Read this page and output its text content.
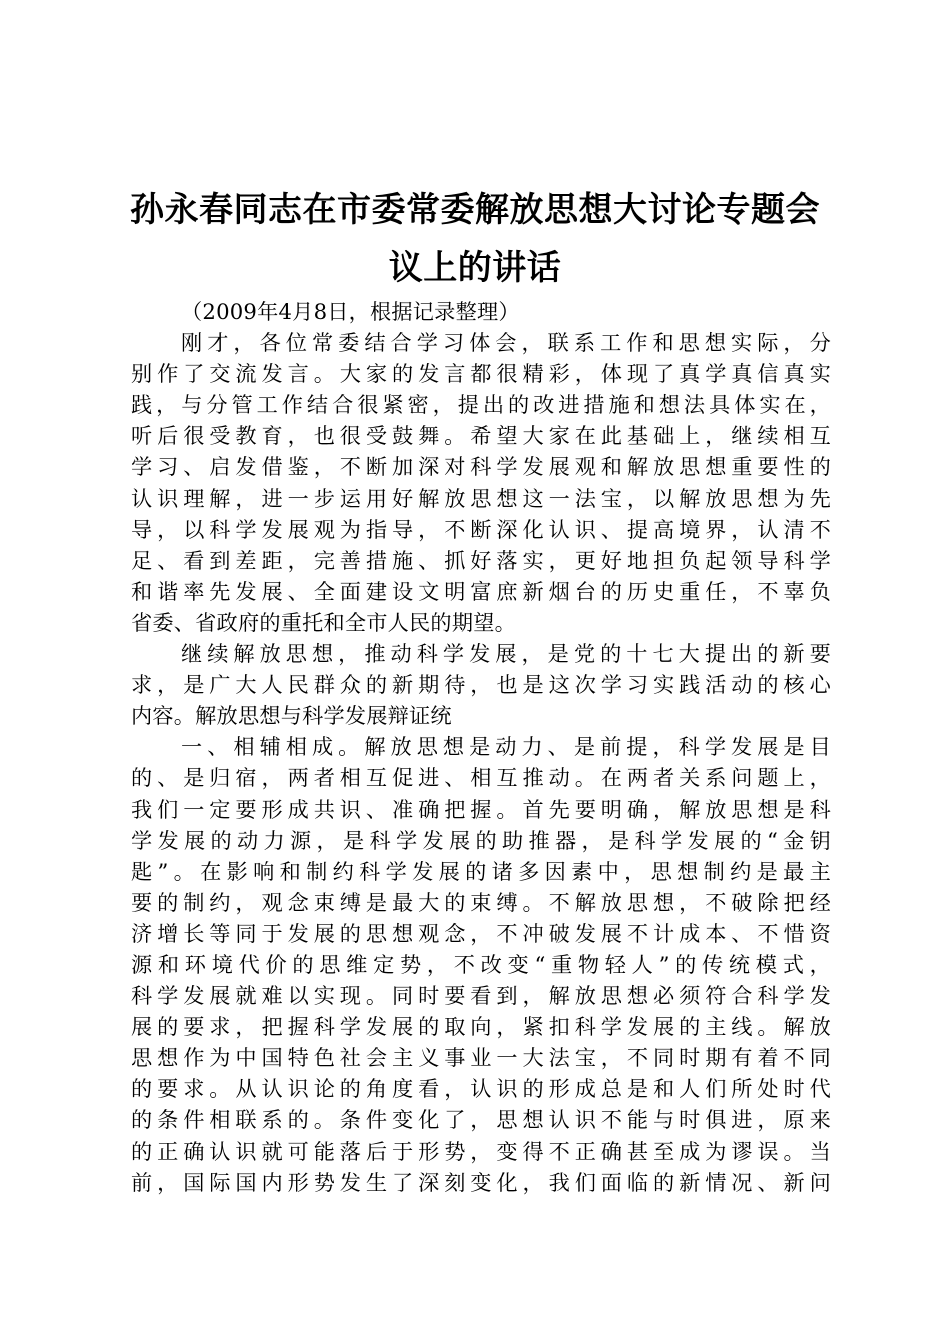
孙永春同志在市委常委解放思想大讨论专题会
议上的讲话
（2009年4月8日，根据记录整理）
刚才，各位常委结合学习体会，联系工作和思想实际，分
别作了交流发言。大家的发言都很精彩，体现了真学真信真实
践，与分管工作结合很紧密，提出的改进措施和想法具体实在，
听后很受教育，也很受鼓舞。希望大家在此基础上，继续相互
学习、启发借鉴，不断加深对科学发展观和解放思想重要性的
认识理解，进一步运用好解放思想这一法宝，以解放思想为先
导，以科学发展观为指导，不断深化认识、提高境界，认清不
足、看到差距，完善措施、抓好落实，更好地担负起领导科学
和谐率先发展、全面建设文明富庶新烟台的历史重任，不辜负
省委、省政府的重托和全市人民的期望。
继续解放思想，推动科学发展，是党的十七大提出的新要
求，是广大人民群众的新期待，也是这次学习实践活动的核心
内容。解放思想与科学发展辩证统
一、相辅相成。解放思想是动力、是前提，科学发展是目
的、是归宿，两者相互促进、相互推动。在两者关系问题上，
我们一定要形成共识、准确把握。首先要明确，解放思想是科
学发展的动力源，是科学发展的助推器，是科学发展的“金钥
匙”。在影响和制约科学发展的诸多因素中，思想制约是最主
要的制约，观念束缚是最大的束缚。不解放思想，不破除把经
济增长等同于发展的思想观念，不冲破发展不计成本、不惜资
源和环境代价的思维定势，不改变“重物轻人”的传统模式，
科学发展就难以实现。同时要看到，解放思想必须符合科学发
展的要求，把握科学发展的取向，紧扣科学发展的主线。解放
思想作为中国特色社会主义事业一大法宝，不同时期有着不同
的要求。从认识论的角度看，认识的形成总是和人们所处时代
的条件相联系的。条件变化了，思想认识不能与时俱进，原来
的正确认识就可能落后于形势，变得不正确甚至成为谬误。当
前，国际国内形势发生了深刻变化，我们面临的新情况、新问
